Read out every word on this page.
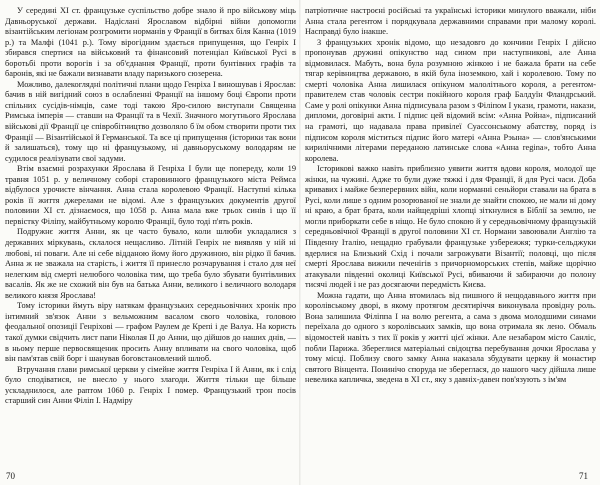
У середині XI ст. французьке суспільство добре знало й про військову міць Давньоруської держави. Надіслані Ярославом відбірні війни допомогли візантійським легіонам розгромити норманів у Франції в битвах біля Канна (1019 р.) та Малфі (1041 р.). Тому вірогідним здається припущення, що Генріх І збирався спертися на військовий та фінансовий потенціал Київської Русі в боротьбі проти ворогів і за об'єднання Франції, проти бунтівних графів та баронів, які не бажали визнавати владу паризького сюзерена.

Можливо, далекоглядні політичні плани щодо Генріха І виношував і Ярослав: бачив в ній вигідний союз в ослабленні Франції на іншому боці Європи проти спільних сусідів-німців, саме тоді такою Яро-силою виступали Священна Римська імперія — ставши на Франції та в Чехії. Значного могутнього Ярослава військові дії Франції це співробітництво дозволяло б їм обом створити проти тих Франції — Візантійської й Германської. Та все ці припущення (історики так вони й залишаться), тому що ні французькому, ні давньоруському володарям не судилося реалізувати свої задуми.

Втім взаємні розрахунки Ярослава й Генріха І були ще попереду, коли 19 травня 1051 р. у величному соборі старовинного французького міста Реймса відбулося урочисте вінчання. Анна стала королевою Франції. Наступні кілька років її життя джерелами не відомі. Але з французьких документів другої половини XI ст. дізнаємося, що 1058 р. Анна мала вже трьох синів і що її первістку Філіпу, майбутньому королю Франції, було тоді п'ять років.

Подружнє життя Анни, як це часто бувало, коли шлюби укладалися з державних міркувань, склалося нещасливо. Літній Генріх не виявляв у ній ні любові, ні поваги. Але ні себе відданою йому його дружиною, він рідко її бачив. Анна ж не зважала на старість, і життя її принесло розчарування і стало для неї нелегким від смерті нелюбого чоловіка тим, що треба було збувати бунтівливих васалів. Як же не схожий він був на батька Анни, великого і величного володаря великого князя Ярослава!

Тому історики ймуть віру натякам французьких середньовічних хронік про інтимний зв'язок Анни з вельможним васалом свого чоловіка, головою феодальної опозиції Генріхові — графом Раулем де Крепі і де Валуа. На користь такої думки свідчить лист папи Ніколая II до Анни, що дійшов до наших днів, — в ньому перше первосвященик просить Анну впливати на свого чоловіка, щоб він пам'ятав свій борг і шанував боговстановлений шлюб.

Втручання глави римської церкви у сімейне життя Генріха І й Анни, як і слід було сподіватися, не внесло у нього злагоди. Життя тільки ще більше ускладнилося, але раптом 1060 р. Генріх І помер. Французький трон посів старший син Анни Філіп І. Надміру

патріотичне настроєні російські та українські історики минулого вважали, ніби Анна стала регентом і порядкувала державними справами при малому королі. Насправді було інакше.

З французьких хронік відомо, що незадовго до кончини Генріх І дійсно пропонував дружині опікунство над сином при наступникові, але Анна відмовилася. Мабуть, вона була розумною жінкою і не бажала брати на себе тягар керівництва державою, в якій була іноземкою, хай і королевою. Тому по смерті чоловіка Анна лишилася опікуном малолітнього короля, а регентом-правителем став чоловік сестри покійного короля граф Балдуїн Фландрський. Саме у ролі опікунки Анна підписувала разом з Філіпом І укази, грамоти, накази, дипломи, договірні акти. І підпис цей відомий всім: «Анна Ройна», підписаний на грамоті, що надавала права привілеї Суассонському абатству, поряд із підписом короля міститься підпис його матері «Анна Рэына» — слов'янськими кирилічними літерами переданою латинське слова «Анна regina», тобто Анна королева.

Історикові важко навіть приблизно уявити життя вдови короля, молодої ще жінки, на чужині. Адже то були дуже тяжкі і для Франції, й для Русі часи. Доба кривавих і майже безперервних війн, коли норманні сеньйори ставали на брата в Русі, коли лише з одним розорюваної не знали де знайти спокою, не мали ні дому ні краю, а брат брата, коли найщедріші хлопці зіткнулися в Біблії за землю, не могли приборкати себе в ніщо. Не було спокою й у середньовічному французькій середньовічної Франції в другої половини XI ст. Нормани завоювали Англію та Південну Італію, нещадно грабували французьке узбережжя; турки-сельджуки вдерлися на Близький Схід і почали загрожувати Візантії; половці, що після смерті Ярослава вижили печенігів з причорноморських степів, майже щорічно атакували південні околиці Київської Русі, вбиваючи й забираючи до полону тисячі людей і не раз досягаючи передмість Києва.

Можна гадати, що Анна втомилась від пишного й нещодавнього життя при королівському дворі, в якому протягом десятиріччя виконувала провідну роль. Вона залишила Філіппа І на волю регента, а сама з двома молодшими синами переїхала до одного з королівських замків, що вона отримала як лено. Обмаль відомостей навіть з тих її років у житті цієї жінки. Але незабаром місто Санліс, побли Парижа. Збереглися матеріальні свідоцтва перебування дочки Ярослава у тому місці. Поблизу свого замку Анна наказала збудувати церкву й монастир святого Вінцента. Понинічо споруда не збереглася, до нашого часу дійшла лише невелика капличка, зведена в XI ст., яку з давніх-давен пов'язують з ім'ям

70	71
